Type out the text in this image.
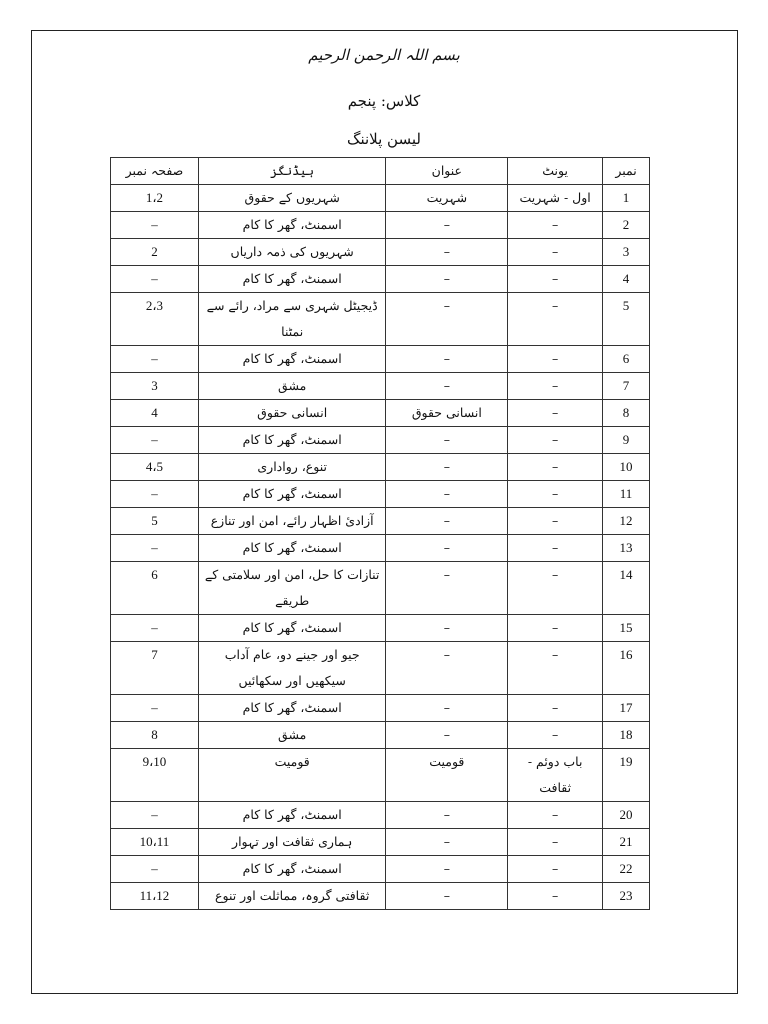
بسم اللہ الرحمن الرحیم
کلاس: پنجم
لیسن پلاننگ
نمبر	یونٹ	عنوان	ہیڈنگز	صفحہ نمبر
1	اول - شہریت	شہریت	شہریوں کے حقوق	1،2
2	–	–	اسمنٹ، گھر کا کام	–
3	–	–	شہریوں کی ذمہ داریاں	2
4	–	–	اسمنٹ، گھر کا کام	–
5	–	–	ڈیجیٹل شہری سے مراد، رائے سے نمٹنا	2،3
6	–	–	اسمنٹ، گھر کا کام	–
7	–	–	مشق	3
8	–	انسانی حقوق	انسانی حقوق	4
9	–	–	اسمنٹ، گھر کا کام	–
10	–	–	تنوع، رواداری	4،5
11	–	–	اسمنٹ، گھر کا کام	–
12	–	–	آزادیٔ اظہار رائے، امن اور تنازع	5
13	–	–	اسمنٹ، گھر کا کام	–
14	–	–	تنازات کا حل، امن اور سلامتی کے طریقے	6
15	–	–	اسمنٹ، گھر کا کام	–
16	–	–	جیو اور جینے دو، عام آداب سیکھیں اور سکھائیں	7
17	–	–	اسمنٹ، گھر کا کام	–
18	–	–	مشق	8
19	باب دوئم - ثقافت	قومیت	قومیت	9،10
20	–	–	اسمنٹ، گھر کا کام	–
21	–	–	ہماری ثقافت اور تہوار	10،11
22	–	–	اسمنٹ، گھر کا کام	–
23	–	–	ثقافتی گروہ، مماثلت اور تنوع	11،12
